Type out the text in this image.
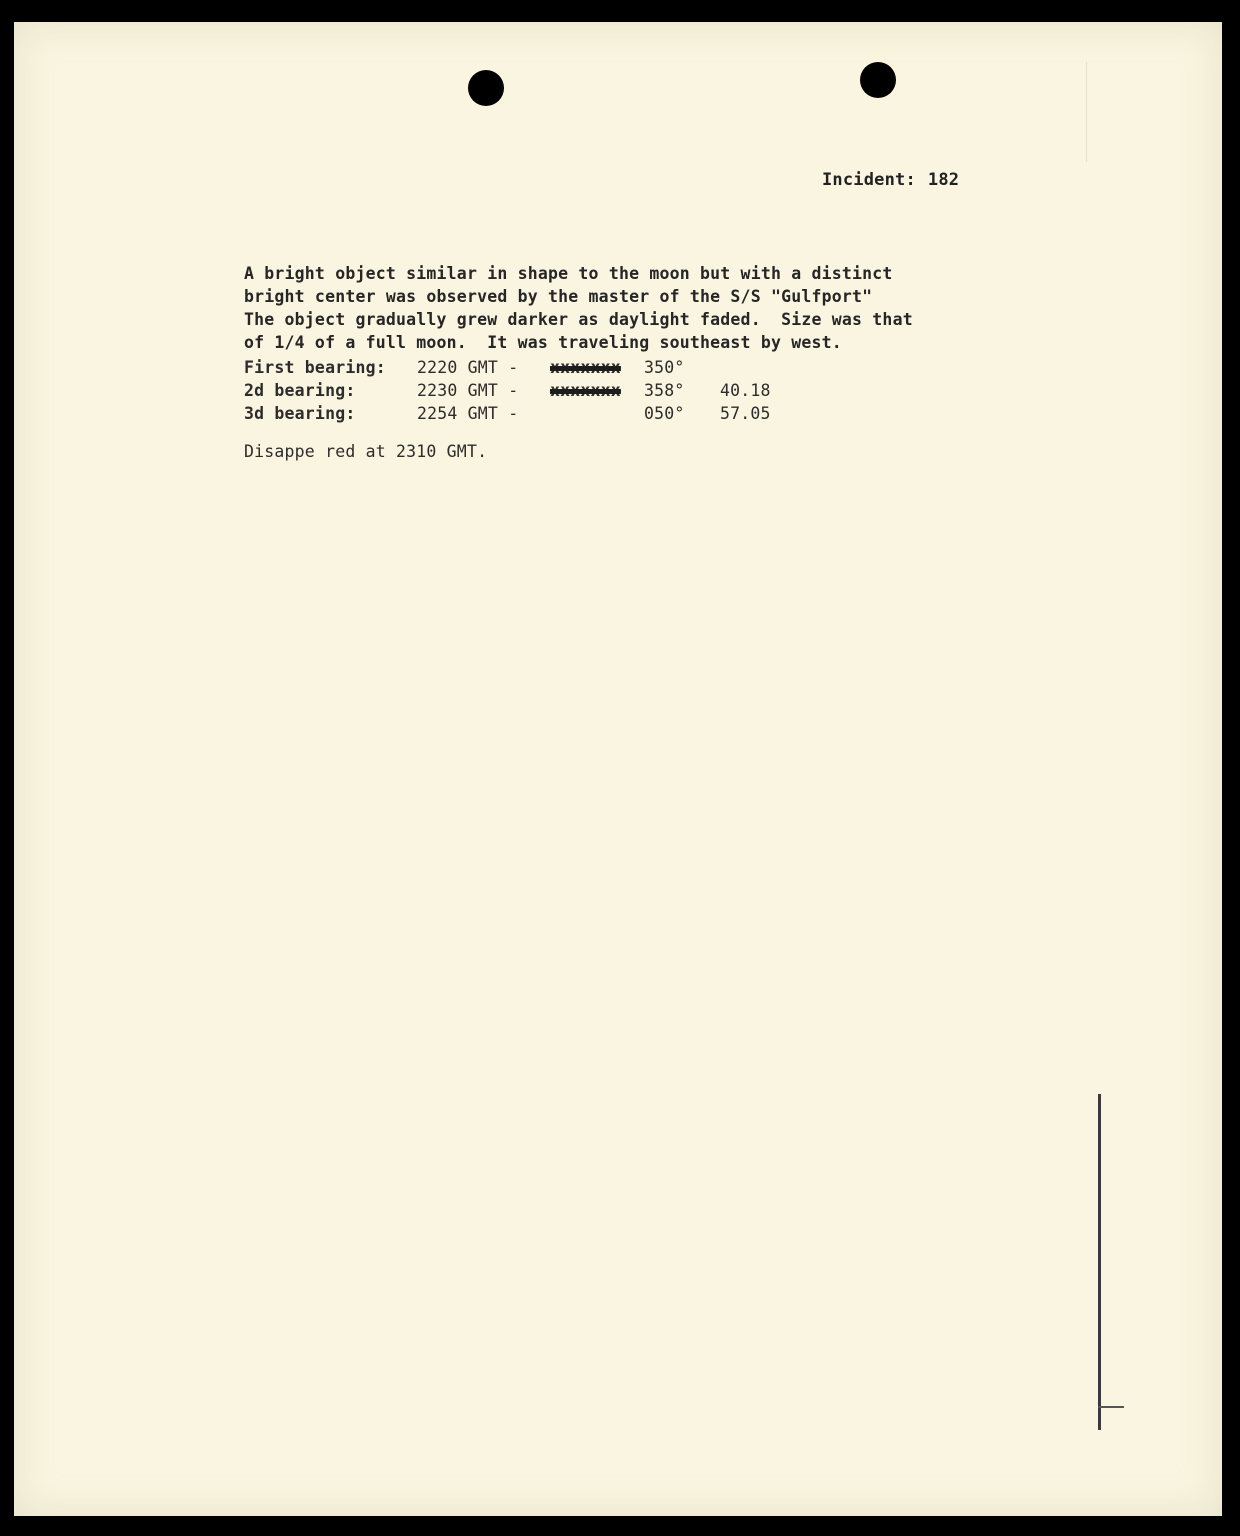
Incident: 182
A bright object similar in shape to the moon but with a distinct
bright center was observed by the master of the S/S "Gulfport"
The object gradually grew darker as daylight faded.  Size was that
of 1/4 of a full moon.  It was traveling southeast by west.
First bearing: 2220 GMT - xxxxxxx 350°
2d bearing:	2230 GMT - xxxxxxx 358° 40.18
3d bearing:	2254 GMT -	050° 57.05
Disappe red at 2310 GMT.
